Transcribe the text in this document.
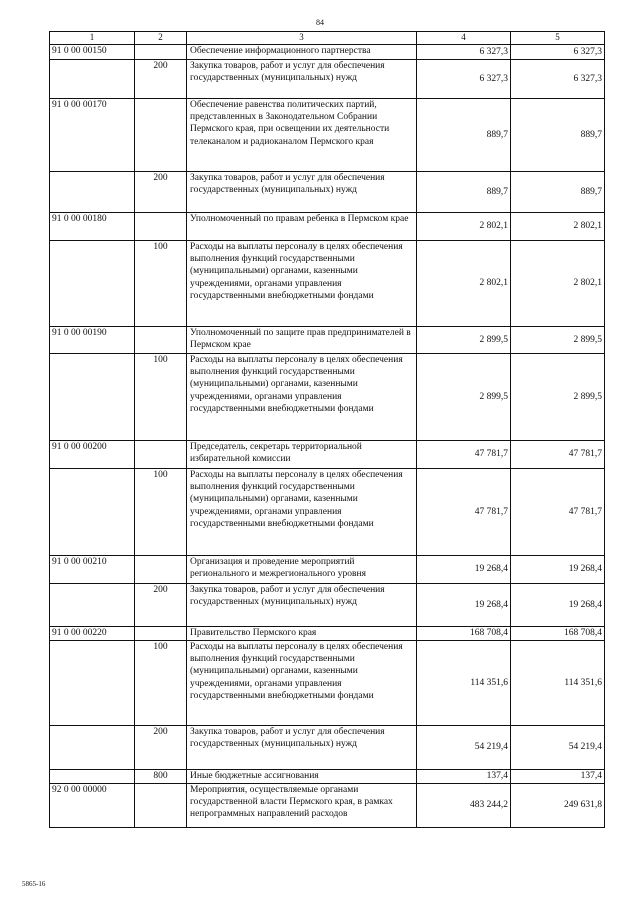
84
1	2	3	4	5
91 0 00 00150		Обеспечение информационного партнерства	6 327,3	6 327,3
	200	Закупка товаров, работ и услуг для обеспечения государственных (муниципальных) нужд	6 327,3	6 327,3
91 0 00 00170		Обеспечение равенства политических партий, представленных в Законодательном Собрании Пермского края, при освещении их деятельности телеканалом и радиоканалом Пермского края	889,7	889,7
	200	Закупка товаров, работ и услуг для обеспечения государственных (муниципальных) нужд	889,7	889,7
91 0 00 00180		Уполномоченный по правам ребенка в Пермском крае	2 802,1	2 802,1
	100	Расходы на выплаты персоналу в целях обеспечения выполнения функций государственными (муниципальными) органами, казенными учреждениями, органами управления государственными внебюджетными фондами	2 802,1	2 802,1
91 0 00 00190		Уполномоченный по защите прав предпринимателей в Пермском крае	2 899,5	2 899,5
	100	Расходы на выплаты персоналу в целях обеспечения выполнения функций государственными (муниципальными) органами, казенными учреждениями, органами управления государственными внебюджетными фондами	2 899,5	2 899,5
91 0 00 00200		Председатель, секретарь территориальной избирательной комиссии	47 781,7	47 781,7
	100	Расходы на выплаты персоналу в целях обеспечения выполнения функций государственными (муниципальными) органами, казенными учреждениями, органами управления государственными внебюджетными фондами	47 781,7	47 781,7
91 0 00 00210		Организация и проведение мероприятий регионального и межрегионального уровня	19 268,4	19 268,4
	200	Закупка товаров, работ и услуг для обеспечения государственных (муниципальных) нужд	19 268,4	19 268,4
91 0 00 00220		Правительство Пермского края	168 708,4	168 708,4
	100	Расходы на выплаты персоналу в целях обеспечения выполнения функций государственными (муниципальными) органами, казенными учреждениями, органами управления государственными внебюджетными фондами	114 351,6	114 351,6
	200	Закупка товаров, работ и услуг для обеспечения государственных (муниципальных) нужд	54 219,4	54 219,4
	800	Иные бюджетные ассигнования	137,4	137,4
92 0 00 00000		Мероприятия, осуществляемые органами государственной власти Пермского края, в рамках непрограммных направлений расходов	483 244,2	249 631,8
5865-16
